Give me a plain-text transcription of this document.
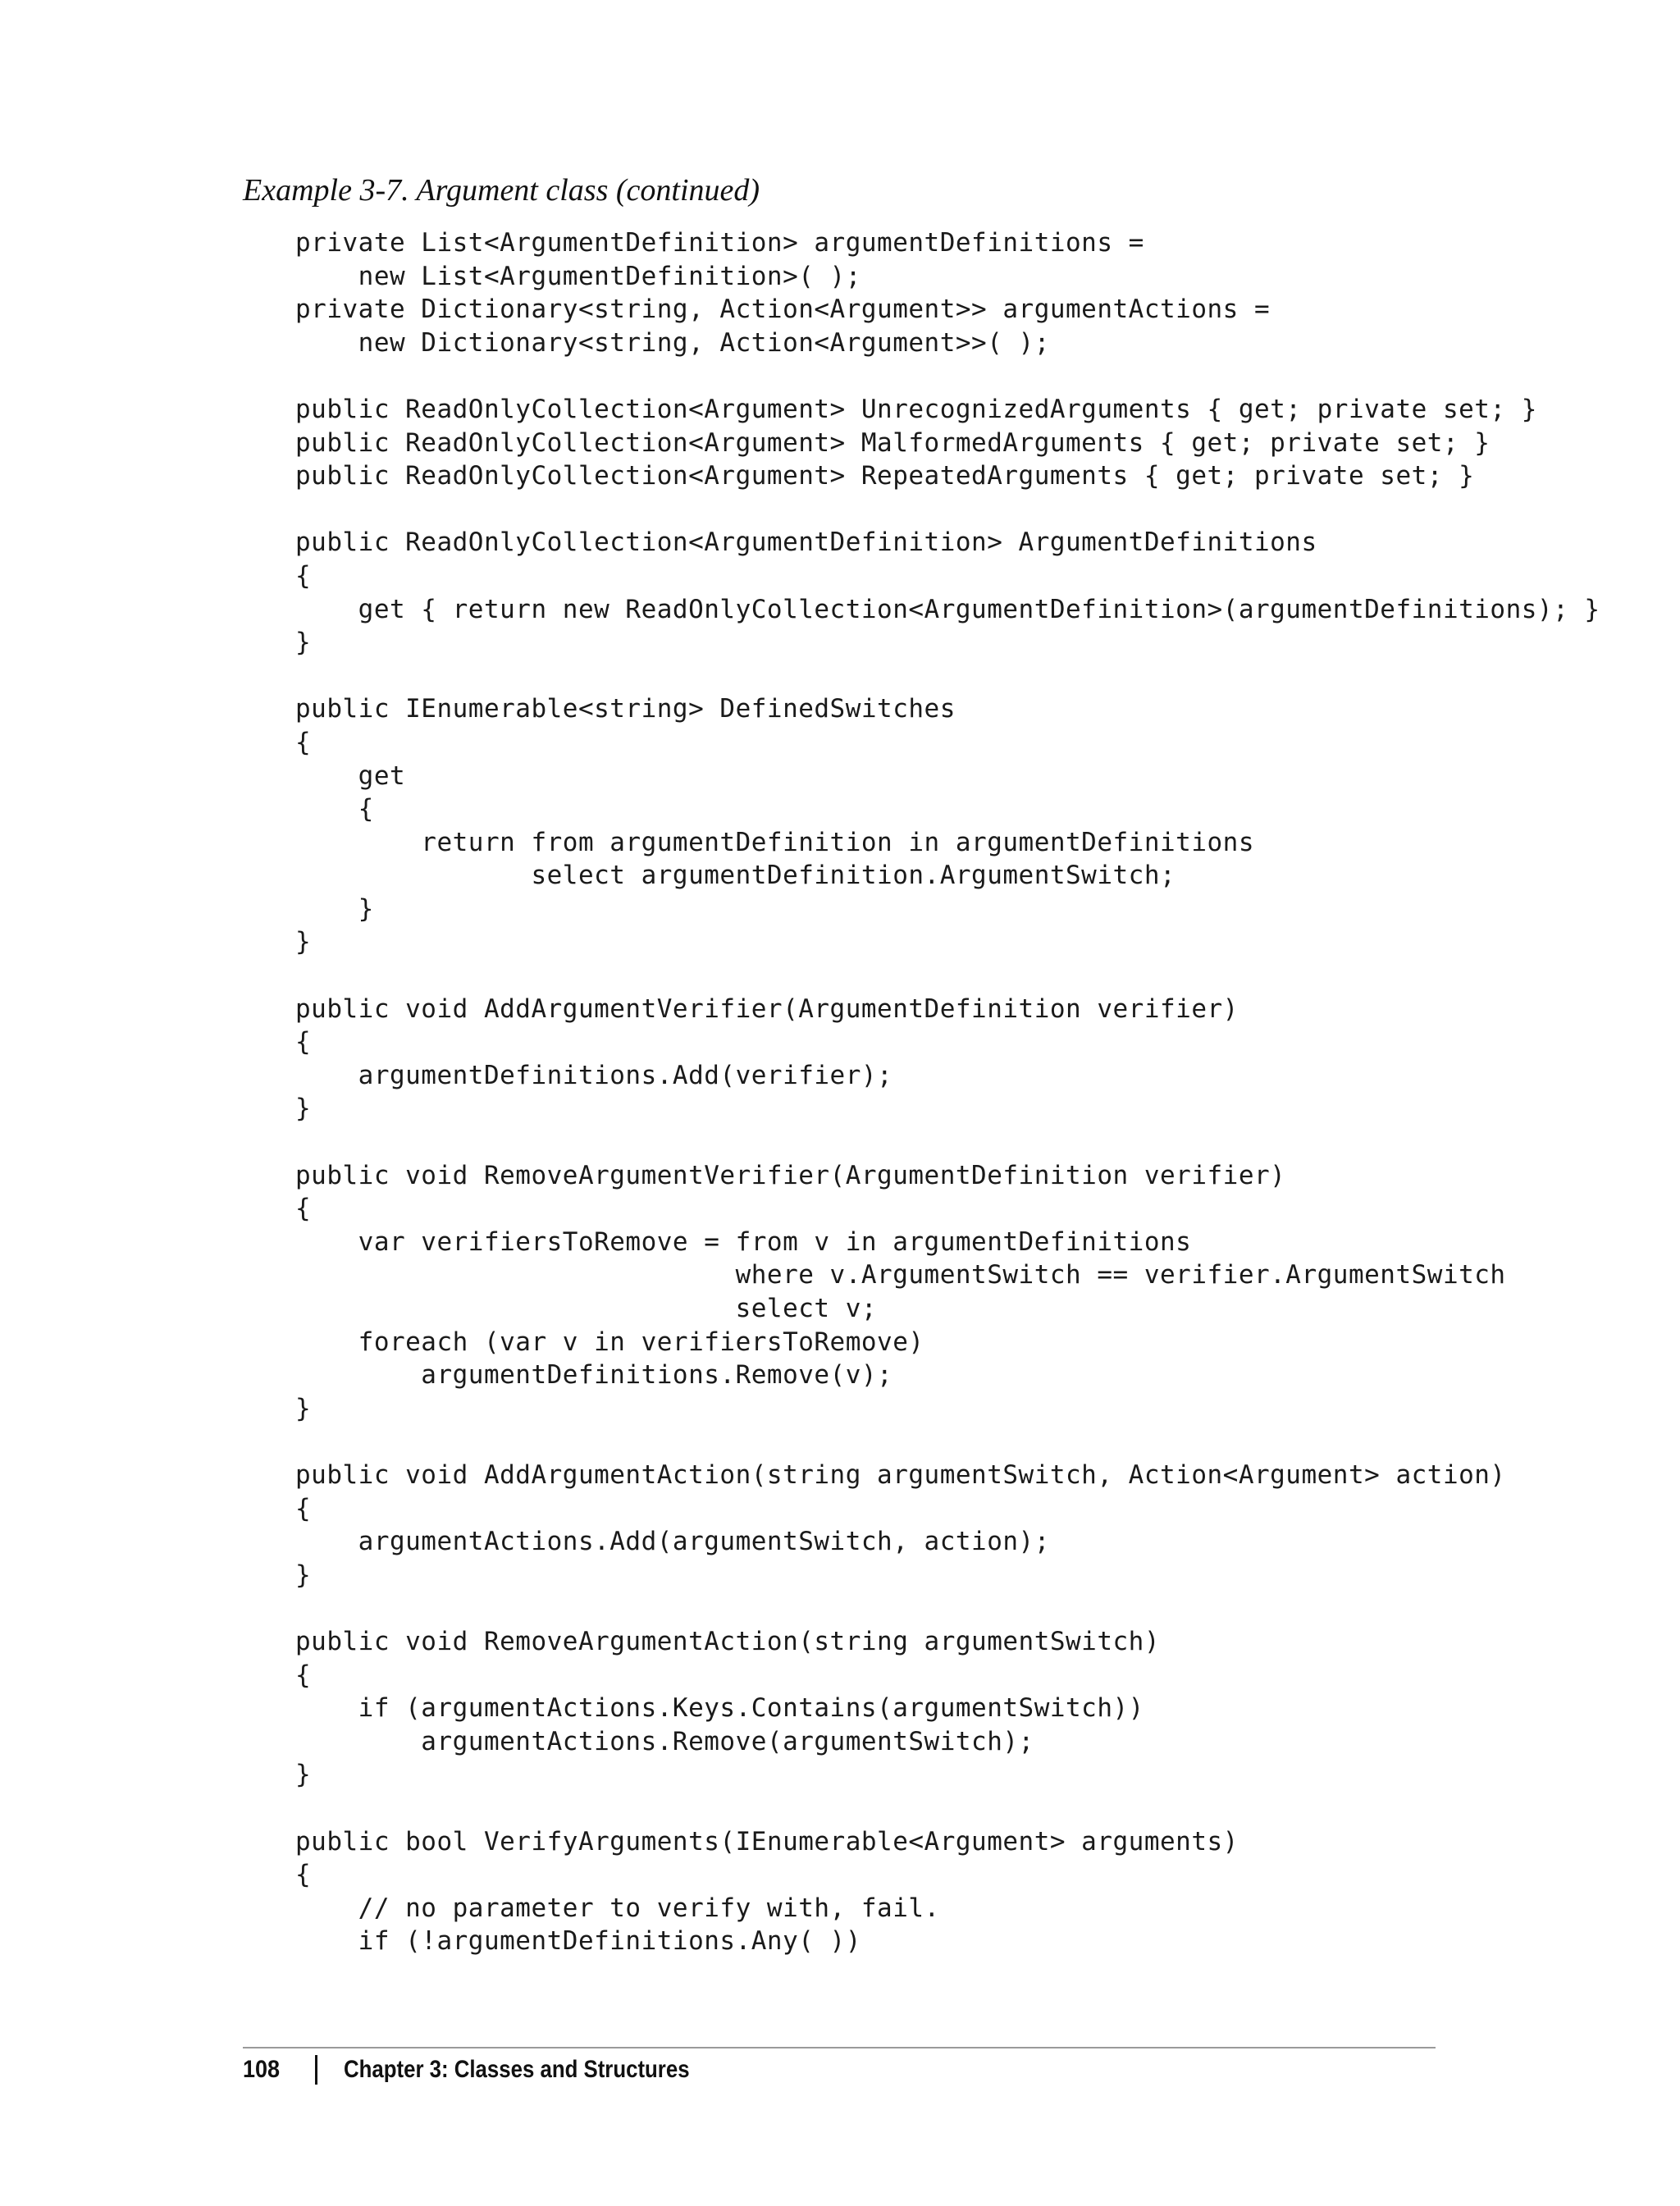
Example 3-7. Argument class (continued)
private List<ArgumentDefinition> argumentDefinitions =
new List<ArgumentDefinition>( );
private Dictionary<string, Action<Argument>> argumentActions =
new Dictionary<string, Action<Argument>>( );
public ReadOnlyCollection<Argument> UnrecognizedArguments { get; private set; }
public ReadOnlyCollection<Argument> MalformedArguments { get; private set; }
public ReadOnlyCollection<Argument> RepeatedArguments { get; private set; }
public ReadOnlyCollection<ArgumentDefinition> ArgumentDefinitions
{
get { return new ReadOnlyCollection<ArgumentDefinition>(argumentDefinitions); }
}
public IEnumerable<string> DefinedSwitches
{
get
{
return from argumentDefinition in argumentDefinitions
select argumentDefinition.ArgumentSwitch;
}
}
public void AddArgumentVerifier(ArgumentDefinition verifier)
{
argumentDefinitions.Add(verifier);
}
public void RemoveArgumentVerifier(ArgumentDefinition verifier)
{
var verifiersToRemove = from v in argumentDefinitions
where v.ArgumentSwitch == verifier.ArgumentSwitch
select v;
foreach (var v in verifiersToRemove)
argumentDefinitions.Remove(v);
}
public void AddArgumentAction(string argumentSwitch, Action<Argument> action)
{
argumentActions.Add(argumentSwitch, action);
}
public void RemoveArgumentAction(string argumentSwitch)
{
if (argumentActions.Keys.Contains(argumentSwitch))
argumentActions.Remove(argumentSwitch);
}
public bool VerifyArguments(IEnumerable<Argument> arguments)
{
// no parameter to verify with, fail.
if (!argumentDefinitions.Any( ))
108	Chapter 3: Classes and Structures
